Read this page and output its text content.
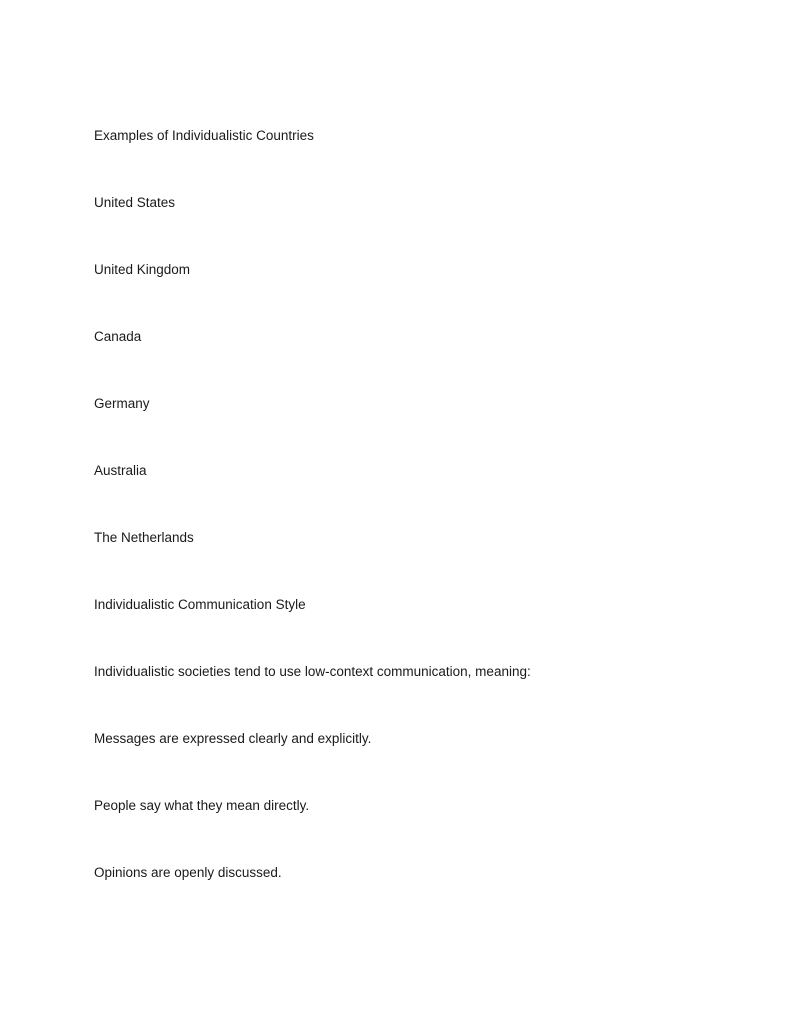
Examples of Individualistic Countries
United States
United Kingdom
Canada
Germany
Australia
The Netherlands
Individualistic Communication Style
Individualistic societies tend to use low-context communication, meaning:
Messages are expressed clearly and explicitly.
People say what they mean directly.
Opinions are openly discussed.
